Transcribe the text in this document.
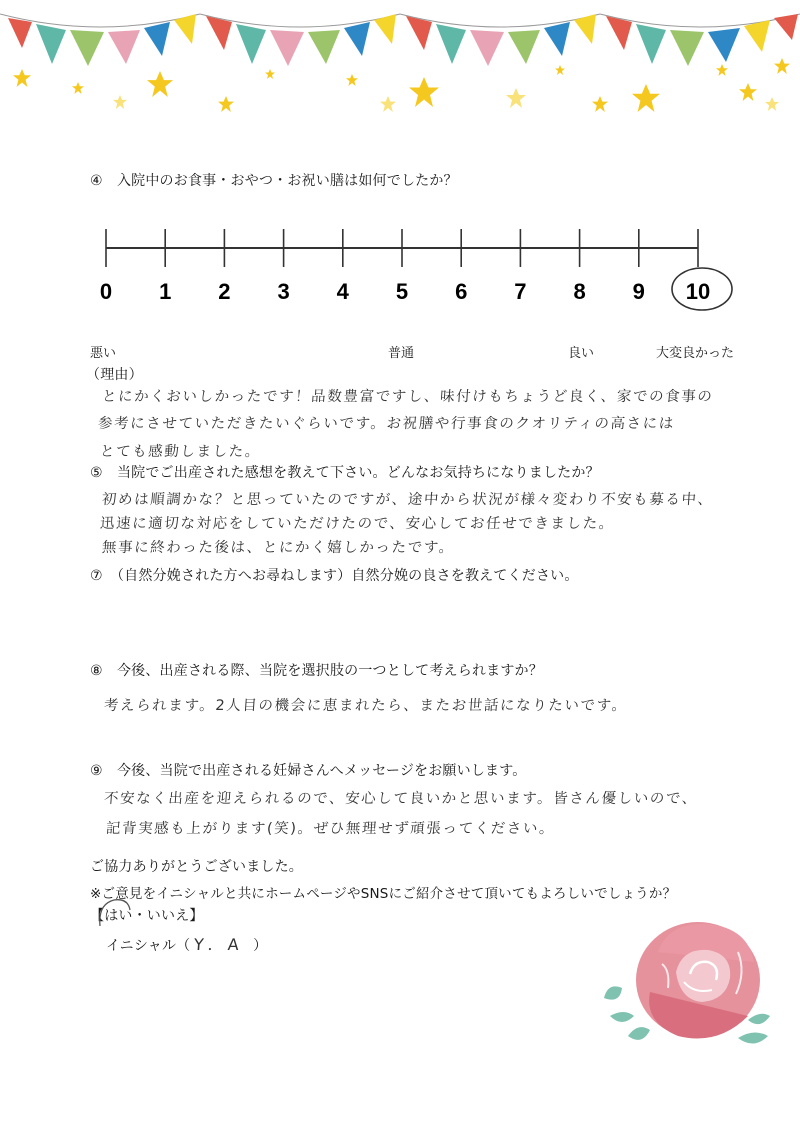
④　入院中のお食事・おやつ・お祝い膳は如何でしたか？
0 1 2 3 4 5 6 7 8 9 10
悪い	普通	良い	大変良かった
（理由）
とにかくおいしかったです！品数豊富ですし、味付けもちょうど良く、家での食事の
参考にさせていただきたいぐらいです。お祝膳や行事食のクオリティの高さには
とても感動しました。
⑤　当院でご出産された感想を教えて下さい。どんなお気持ちになりましたか？
初めは順調かな？と思っていたのですが、途中から状況が様々変わり不安も募る中、
迅速に適切な対応をしていただけたので、安心してお任せできました。
無事に終わった後は、とにかく嬉しかったです。
⑦　（自然分娩された方へお尋ねします）自然分娩の良さを教えてください。
⑧　今後、出産される際、当院を選択肢の一つとして考えられますか？
考えられます。2人目の機会に恵まれたら、またお世話になりたいです。
⑨　今後、当院で出産される妊婦さんへメッセージをお願いします。
不安なく出産を迎えられるので、安心して良いかと思います。皆さん優しいので、
記背実感も上がります(笑)。ぜひ無理せず頑張ってください。
ご協力ありがとうございました。
※ご意見をイニシャルと共にホームページやSNSにご紹介させて頂いてもよろしいでしょうか？
【はい・いいえ】
イニシャル（ Y．A ）
